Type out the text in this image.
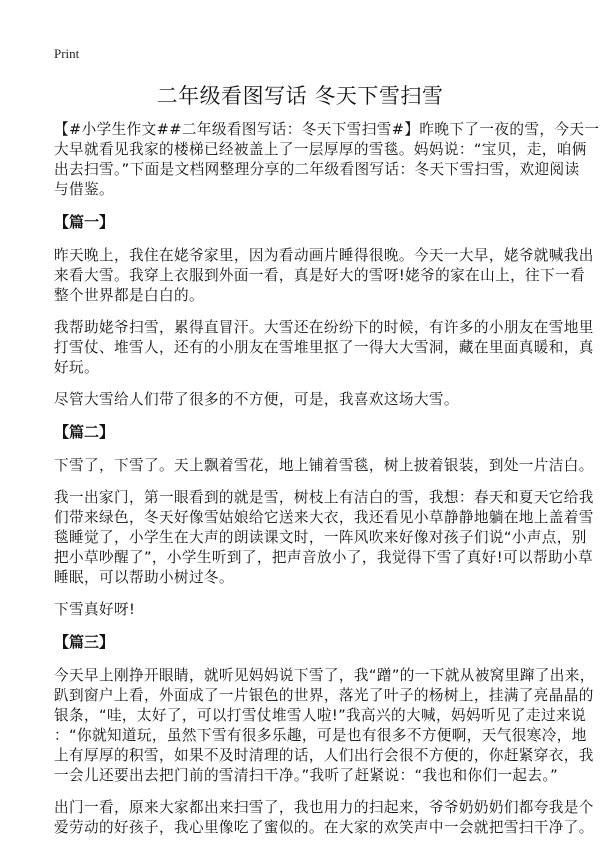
Print
二年级看图写话 冬天下雪扫雪
【#小学生作文##二年级看图写话：冬天下雪扫雪#】昨晚下了一夜的雪，今天一
大早就看见我家的楼梯已经被盖上了一层厚厚的雪毯。妈妈说：“宝贝，走，咱俩
出去扫雪。”下面是文档网整理分享的二年级看图写话：冬天下雪扫雪，欢迎阅读
与借鉴。
【篇一】
昨天晚上，我住在姥爷家里，因为看动画片睡得很晚。今天一大早，姥爷就喊我出
来看大雪。我穿上衣服到外面一看，真是好大的雪呀!姥爷的家在山上，往下一看
整个世界都是白白的。
我帮助姥爷扫雪，累得直冒汗。大雪还在纷纷下的时候，有许多的小朋友在雪地里
打雪仗、堆雪人，还有的小朋友在雪堆里抠了一得大大雪洞，藏在里面真暖和，真
好玩。
尽管大雪给人们带了很多的不方便，可是，我喜欢这场大雪。
【篇二】
下雪了，下雪了。天上飘着雪花，地上铺着雪毯，树上披着银装，到处一片洁白。
我一出家门，第一眼看到的就是雪，树枝上有洁白的雪，我想：春天和夏天它给我
们带来绿色，冬天好像雪姑娘给它送来大衣，我还看见小草静静地躺在地上盖着雪
毯睡觉了，小学生在大声的朗读课文时，一阵风吹来好像对孩子们说“小声点，别
把小草吵醒了”，小学生听到了，把声音放小了，我觉得下雪了真好!可以帮助小草
睡眠，可以帮助小树过冬。
下雪真好呀!
【篇三】
今天早上刚挣开眼睛，就听见妈妈说下雪了，我“蹭”的一下就从被窝里蹿了出来，
趴到窗户上看，外面成了一片银色的世界，落光了叶子的杨树上，挂满了亮晶晶的
银条，“哇，太好了，可以打雪仗堆雪人啦!”我高兴的大喊，妈妈听见了走过来说
：“你就知道玩，虽然下雪有很多乐趣，可是也有很多不方便啊，天气很寒冷，地
上有厚厚的积雪，如果不及时清理的话，人们出行会很不方便的，你赶紧穿衣，我
一会儿还要出去把门前的雪清扫干净。”我听了赶紧说：“我也和你们一起去。”
出门一看，原来大家都出来扫雪了，我也用力的扫起来，爷爷奶奶奶们都夸我是个
爱劳动的好孩子，我心里像吃了蜜似的。在大家的欢笑声中一会就把雪扫干净了。
